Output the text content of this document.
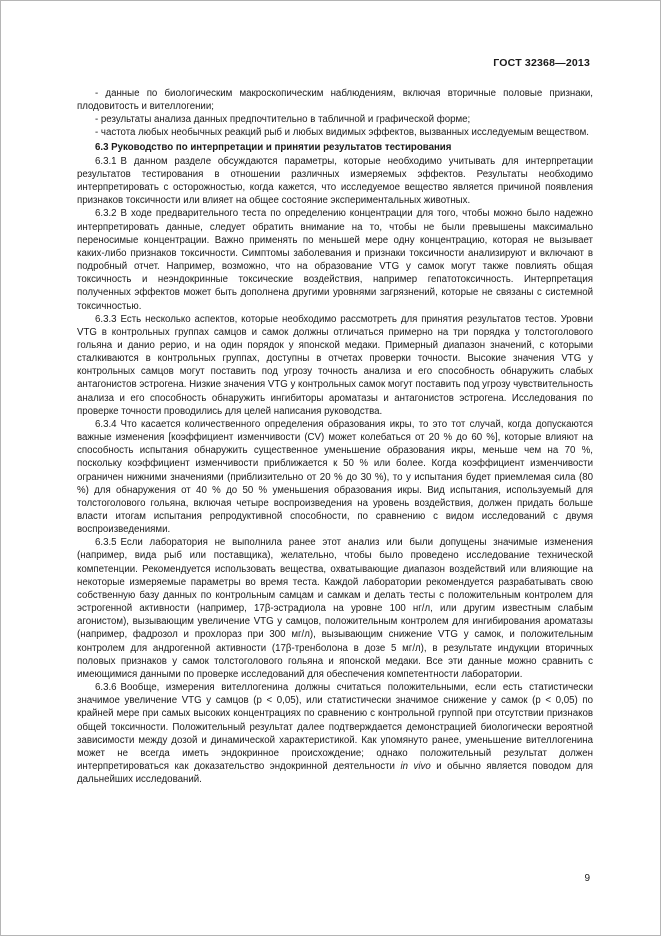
ГОСТ 32368—2013

- данные по биологическим макроскопическим наблюдениям, включая вторичные половые признаки, плодовитость и вителлогении;

- результаты анализа данных предпочтительно в табличной и графической форме;

- частота любых необычных реакций рыб и любых видимых эффектов, вызванных исследуемым веществом.

6.3 Руководство по интерпретации и принятии результатов тестирования

6.3.1 В данном разделе обсуждаются параметры, которые необходимо учитывать для интерпретации результатов тестирования в отношении различных измеряемых эффектов. Результаты необходимо интерпретировать с осторожностью, когда кажется, что исследуемое вещество является причиной появления признаков токсичности или влияет на общее состояние экспериментальных животных.

6.3.2 В ходе предварительного теста по определению концентрации для того, чтобы можно было надежно интерпретировать данные, следует обратить внимание на то, чтобы не были превышены максимально переносимые концентрации. Важно применять по меньшей мере одну концентрацию, которая не вызывает каких-либо признаков токсичности. Симптомы заболевания и признаки токсичности анализируют и включают в подробный отчет. Например, возможно, что на образование VTG у самок могут также повлиять общая токсичность и неэндокринные токсические воздействия, например гепатотоксичность. Интерпретация полученных эффектов может быть дополнена другими уровнями загрязнений, которые не связаны с системной токсичностью.

6.3.3 Есть несколько аспектов, которые необходимо рассмотреть для принятия результатов тестов. Уровни VTG в контрольных группах самцов и самок должны отличаться примерно на три порядка у толстоголового гольяна и данио рерио, и на один порядок у японской медаки. Примерный диапазон значений, с которыми сталкиваются в контрольных группах, доступны в отчетах проверки точности. Высокие значения VTG у контрольных самцов могут поставить под угрозу точность анализа и его способность обнаружить слабых антагонистов эстрогена. Низкие значения VTG у контрольных самок могут поставить под угрозу чувствительность анализа и его способность обнаружить ингибиторы ароматазы и антагонистов эстрогена. Исследования по проверке точности проводились для целей написания руководства.

6.3.4 Что касается количественного определения образования икры, то это тот случай, когда допускаются важные изменения [коэффициент изменчивости (CV) может колебаться от 20 % до 60 %], которые влияют на способность испытания обнаружить существенное уменьшение образования икры, меньше чем на 70 %, поскольку коэффициент изменчивости приближается к 50 % или более. Когда коэффициент изменчивости ограничен нижними значениями (приблизительно от 20 % до 30 %), то у испытания будет приемлемая сила (80 %) для обнаружения от 40 % до 50 % уменьшения образования икры. Вид испытания, используемый для толстоголового гольяна, включая четыре воспроизведения на уровень воздействия, должен придать больше власти итогам испытания репродуктивной способности, по сравнению с видом исследований с двумя воспроизведениями.

6.3.5 Если лаборатория не выполнила ранее этот анализ или были допущены значимые изменения (например, вида рыб или поставщика), желательно, чтобы было проведено исследование технической компетенции. Рекомендуется использовать вещества, охватывающие диапазон воздействий или влияющие на некоторые измеряемые параметры во время теста. Каждой лаборатории рекомендуется разрабатывать свою собственную базу данных по контрольным самцам и самкам и делать тесты с положительным контролем для эстрогенной активности (например, 17β-эстрадиола на уровне 100 нг/л, или другим известным слабым агонистом), вызывающим увеличение VTG у самцов, положительным контролем для ингибирования ароматазы (например, фадрозол и прохлораз при 300 мг/л), вызывающим снижение VTG у самок, и положительным контролем для андрогенной активности (17β-тренболона в дозе 5 мг/л), в результате индукции вторичных половых признаков у самок толстоголового гольяна и японской медаки. Все эти данные можно сравнить с имеющимися данными по проверке исследований для обеспечения компетентности лаборатории.

6.3.6 Вообще, измерения вителлогенина должны считаться положительными, если есть статистически значимое увеличение VTG у самцов (p < 0,05), или статистически значимое снижение у самок (p < 0,05) по крайней мере при самых высоких концентрациях по сравнению с контрольной группой при отсутствии признаков общей токсичности. Положительный результат далее подтверждается демонстрацией биологически вероятной зависимости между дозой и динамической характеристикой. Как упомянуто ранее, уменьшение вителлогенина может не всегда иметь эндокринное происхождение; однако положительный результат должен интерпретироваться как доказательство эндокринной деятельности in vivo и обычно является поводом для дальнейших исследований.

9
